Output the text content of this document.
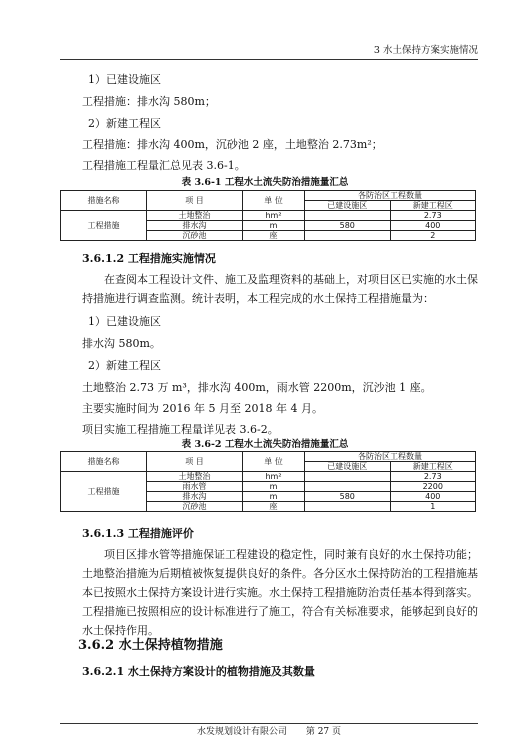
3 水土保持方案实施情况
1）已建设施区
工程措施：排水沟 580m；
2）新建工程区
工程措施：排水沟 400m，沉砂池 2 座，土地整治 2.73m²；
工程措施工程量汇总见表 3.6-1。
表 3.6-1 工程水土流失防治措施量汇总
措施名称	项 目	单 位	各防治区工程数量	
			已建设施区	新建工程区
工程措施	土地整治	hm²		2.73
	排水沟	m	580	400
	沉砂池	座		2
3.6.1.2 工程措施实施情况
在查阅本工程设计文件、施工及监理资料的基础上，对项目区已实施的水土保持措施进行调查监测。统计表明，本工程完成的水土保持工程措施量为：
1）已建设施区
排水沟 580m。
2）新建工程区
土地整治 2.73 万 m³，排水沟 400m，雨水管 2200m，沉沙池 1 座。
主要实施时间为 2016 年 5 月至 2018 年 4 月。
项目实施工程措施工程量详见表 3.6-2。
表 3.6-2 工程水土流失防治措施量汇总
措施名称	项 目	单 位	各防治区工程数量	
			已建设施区	新建工程区
工程措施	土地整治	hm²		2.73
	雨水管	m		2200
	排水沟	m	580	400
	沉砂池	座		1
3.6.1.3 工程措施评价
项目区排水管等措施保证工程建设的稳定性，同时兼有良好的水土保持功能；土地整治措施为后期植被恢复提供良好的条件。各分区水土保持防治的工程措施基本已按照水土保持方案设计进行实施。水土保持工程措施防治责任基本得到落实。工程措施已按照相应的设计标准进行了施工，符合有关标准要求，能够起到良好的水土保持作用。
3.6.2 水土保持植物措施
3.6.2.1 水土保持方案设计的植物措施及其数量
水发规划设计有限公司 第 27 页
